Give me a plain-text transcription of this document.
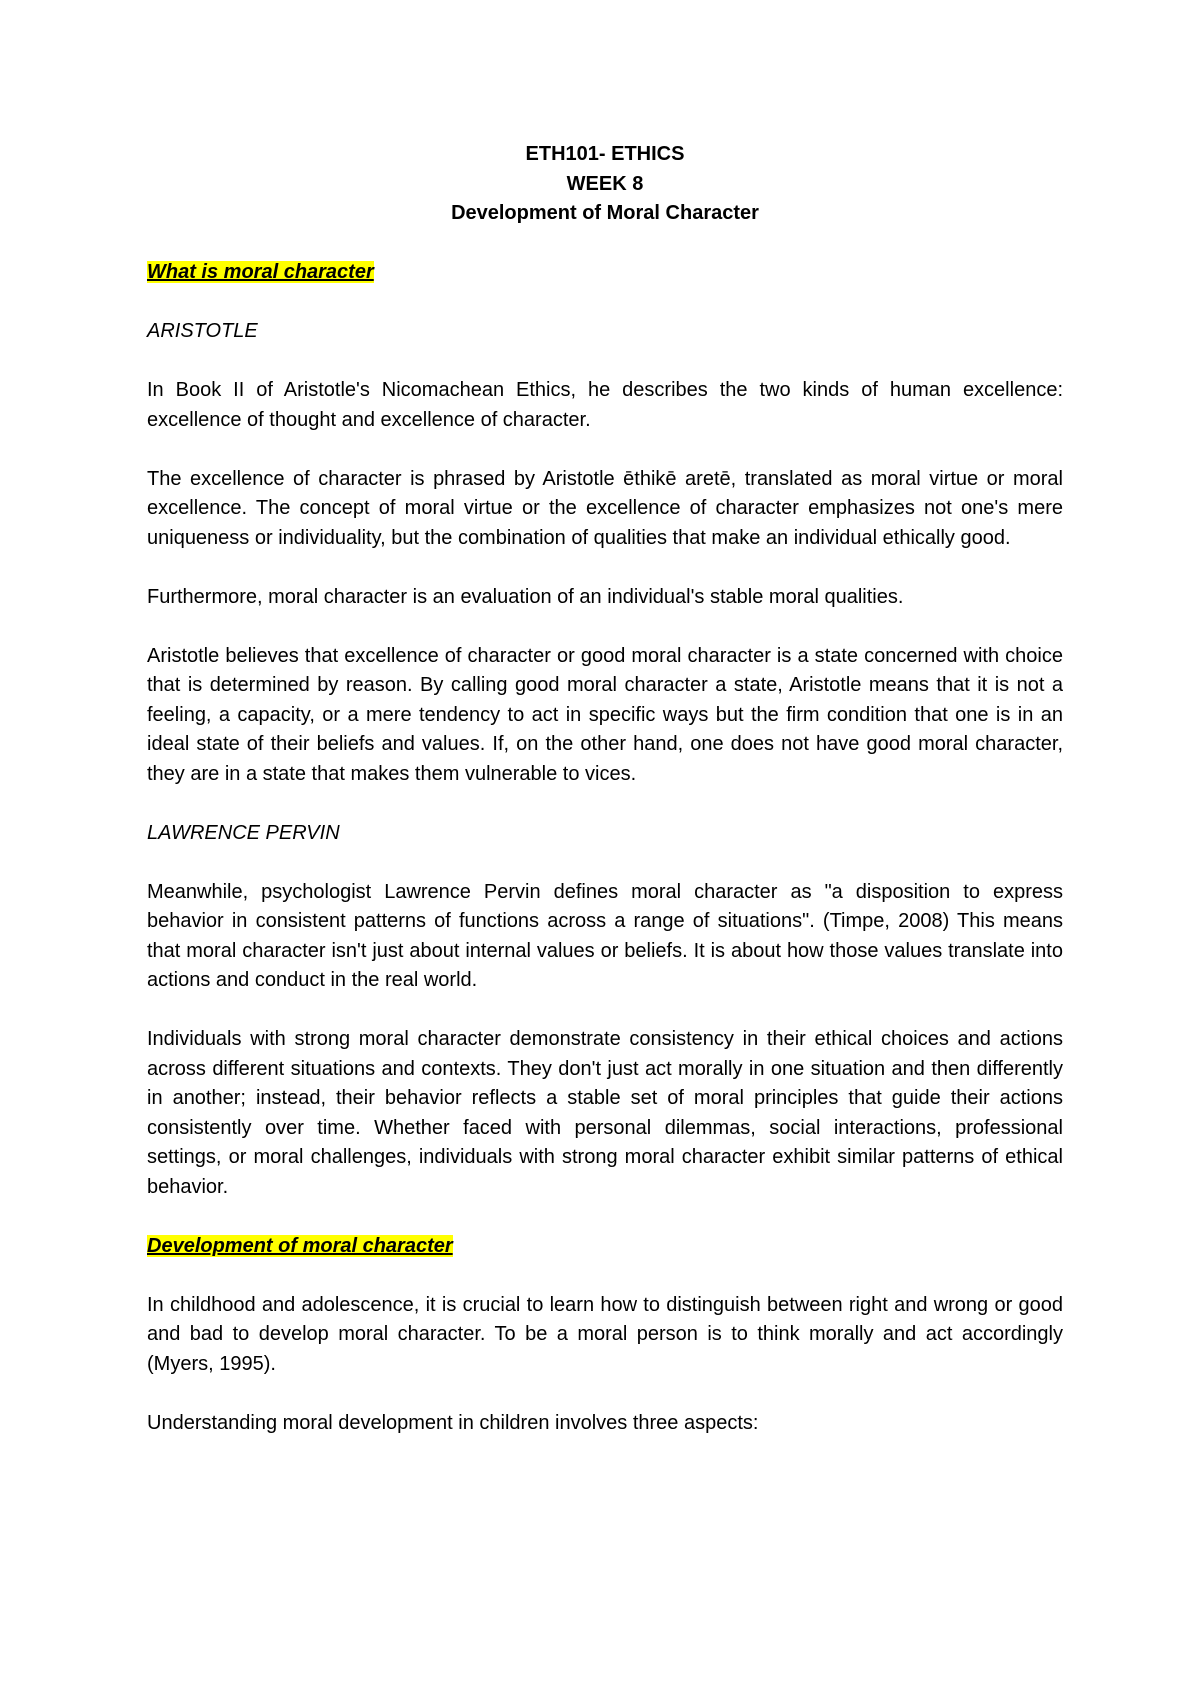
ETH101- ETHICS
WEEK 8
Development of Moral Character

What is moral character

ARISTOTLE

In Book II of Aristotle's Nicomachean Ethics, he describes the two kinds of human excellence: excellence of thought and excellence of character.

The excellence of character is phrased by Aristotle ēthikē aretē, translated as moral virtue or moral excellence. The concept of moral virtue or the excellence of character emphasizes not one's mere uniqueness or individuality, but the combination of qualities that make an individual ethically good.

Furthermore, moral character is an evaluation of an individual's stable moral qualities.

Aristotle believes that excellence of character or good moral character is a state concerned with choice that is determined by reason. By calling good moral character a state, Aristotle means that it is not a feeling, a capacity, or a mere tendency to act in specific ways but the firm condition that one is in an ideal state of their beliefs and values. If, on the other hand, one does not have good moral character, they are in a state that makes them vulnerable to vices.

LAWRENCE PERVIN

Meanwhile, psychologist Lawrence Pervin defines moral character as "a disposition to express behavior in consistent patterns of functions across a range of situations". (Timpe, 2008) This means that moral character isn't just about internal values or beliefs. It is about how those values translate into actions and conduct in the real world.

Individuals with strong moral character demonstrate consistency in their ethical choices and actions across different situations and contexts. They don't just act morally in one situation and then differently in another; instead, their behavior reflects a stable set of moral principles that guide their actions consistently over time. Whether faced with personal dilemmas, social interactions, professional settings, or moral challenges, individuals with strong moral character exhibit similar patterns of ethical behavior.

Development of moral character

In childhood and adolescence, it is crucial to learn how to distinguish between right and wrong or good and bad to develop moral character. To be a moral person is to think morally and act accordingly (Myers, 1995).

Understanding moral development in children involves three aspects:
